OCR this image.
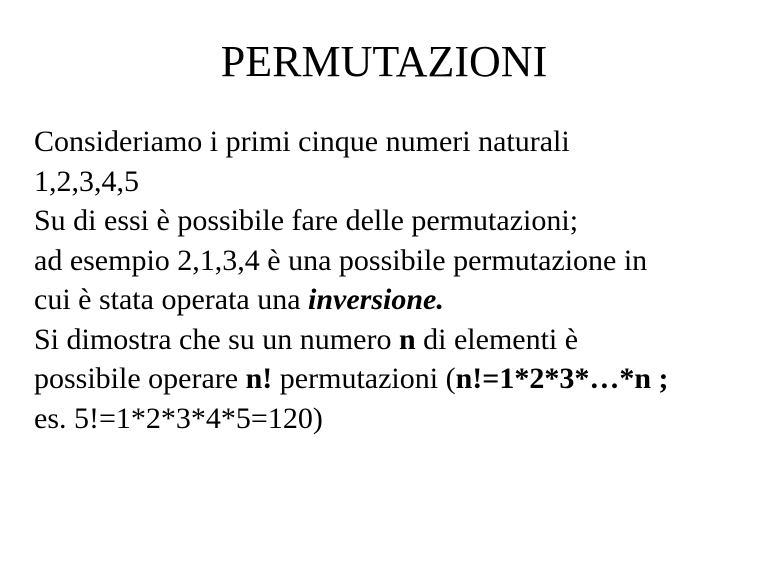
PERMUTAZIONI
Consideriamo i primi cinque numeri naturali
1,2,3,4,5
Su di essi è possibile fare delle permutazioni;
ad esempio 2,1,3,4 è una possibile permutazione in
cui è stata operata una inversione.
Si dimostra che su un numero n di elementi è
possibile operare n! permutazioni (n!=1*2*3*…*n ;
es. 5!=1*2*3*4*5=120)
